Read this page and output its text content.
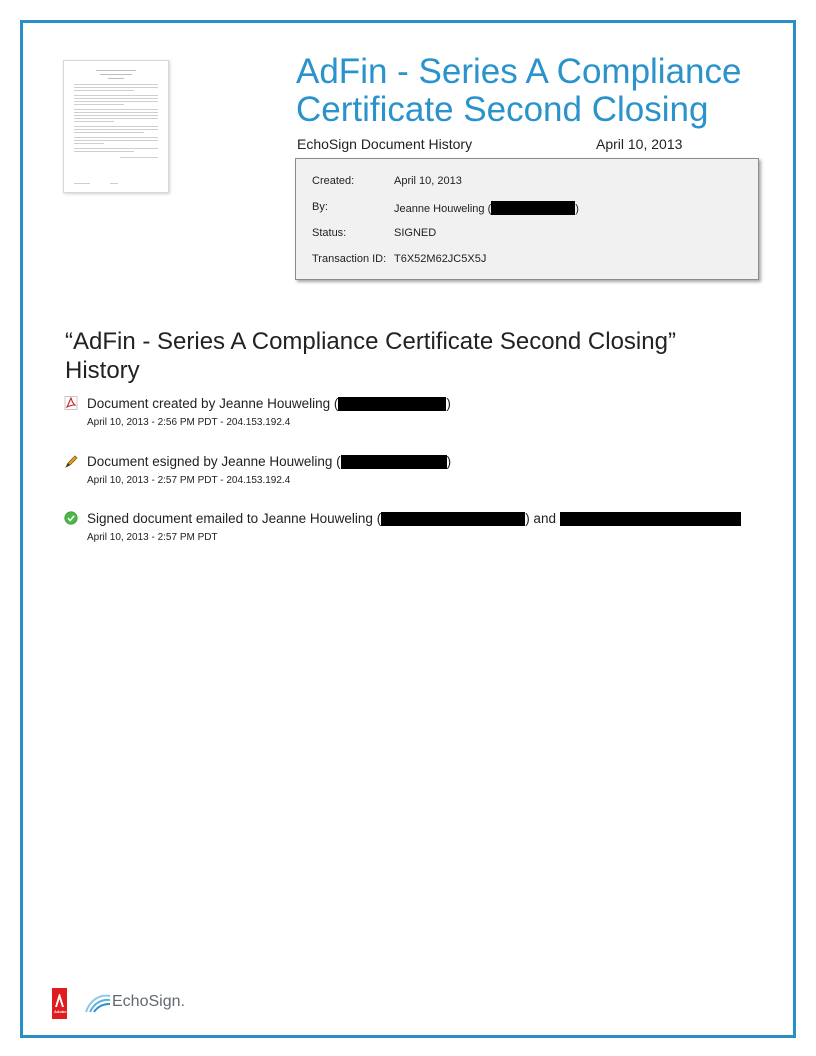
AdFin - Series A Compliance Certificate Second Closing
EchoSign Document History	April 10, 2013
Created:	April 10, 2013
By:	Jeanne Houweling (	)
Status:	SIGNED
Transaction ID: T6X52M62JC5X5J
“AdFin - Series A Compliance Certificate Second Closing” History
Document created by Jeanne Houweling (	)
April 10, 2013 - 2:56 PM PDT - 204.153.192.4
Document esigned by Jeanne Houweling (	)
April 10, 2013 - 2:57 PM PDT - 204.153.192.4
Signed document emailed to Jeanne Houweling (	) and
April 10, 2013 - 2:57 PM PDT
Adobe
EchoSign.
